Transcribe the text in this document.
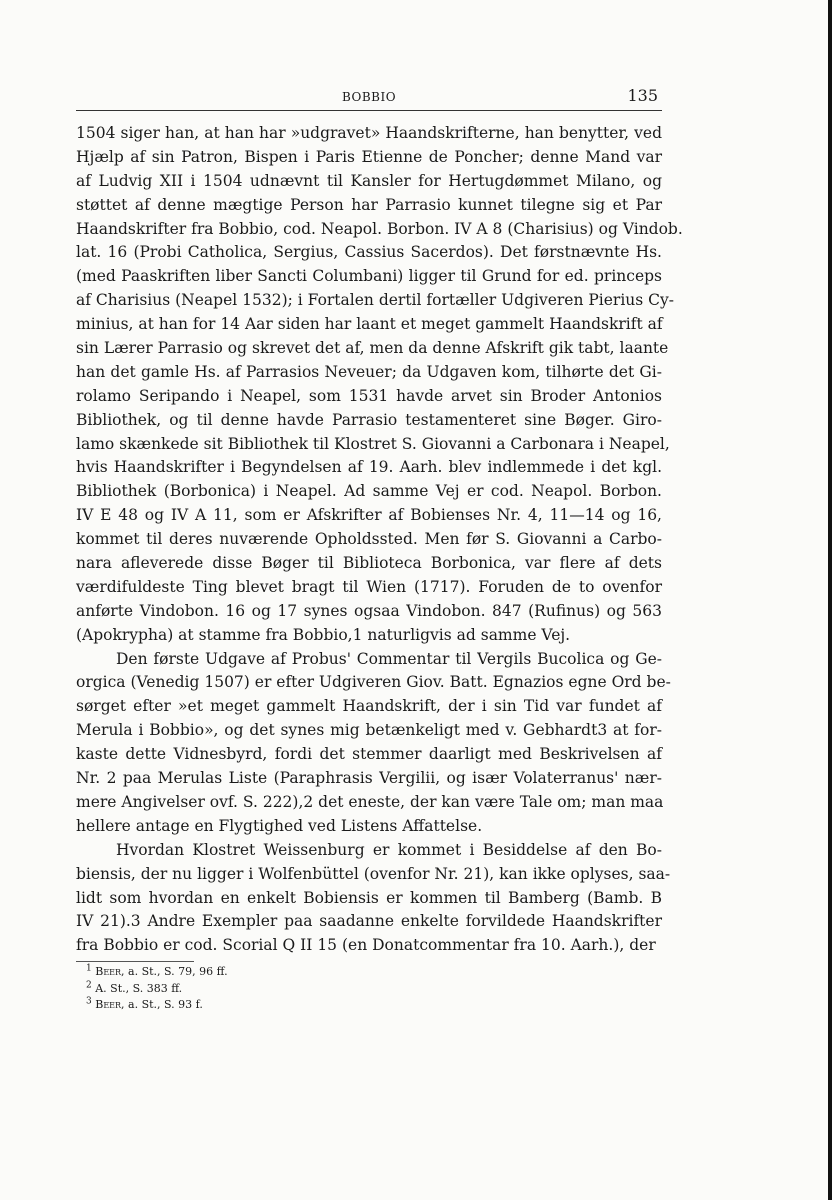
BOBBIO	135
1504 siger han, at han har »udgravet» Haandskrifterne, han benytter, ved
Hjælp af sin Patron, Bispen i Paris Etienne de Poncher; denne Mand var
af Ludvig XII i 1504 udnævnt til Kansler for Hertugdømmet Milano, og
støttet af denne mægtige Person har Parrasio kunnet tilegne sig et Par
Haandskrifter fra Bobbio, cod. Neapol. Borbon. IV A 8 (Charisius) og Vindob.
lat. 16 (Probi Catholica, Sergius, Cassius Sacerdos). Det førstnævnte Hs.
(med Paaskriften liber Sancti Columbani) ligger til Grund for ed. princeps
af Charisius (Neapel 1532); i Fortalen dertil fortæller Udgiveren Pierius Cy-
minius, at han for 14 Aar siden har laant et meget gammelt Haandskrift af
sin Lærer Parrasio og skrevet det af, men da denne Afskrift gik tabt, laante
han det gamle Hs. af Parrasios Neveuer; da Udgaven kom, tilhørte det Gi-
rolamo Seripando i Neapel, som 1531 havde arvet sin Broder Antonios
Bibliothek, og til denne havde Parrasio testamenteret sine Bøger. Giro-
lamo skænkede sit Bibliothek til Klostret S. Giovanni a Carbonara i Neapel,
hvis Haandskrifter i Begyndelsen af 19. Aarh. blev indlemmede i det kgl.
Bibliothek (Borbonica) i Neapel. Ad samme Vej er cod. Neapol. Borbon.
IV E 48 og IV A 11, som er Afskrifter af Bobienses Nr. 4, 11—14 og 16,
kommet til deres nuværende Opholdssted. Men før S. Giovanni a Carbo-
nara afleverede disse Bøger til Biblioteca Borbonica, var flere af dets
værdifuldeste Ting blevet bragt til Wien (1717). Foruden de to ovenfor
anførte Vindobon. 16 og 17 synes ogsaa Vindobon. 847 (Rufinus) og 563
(Apokrypha) at stamme fra Bobbio,1 naturligvis ad samme Vej.
Den første Udgave af Probus' Commentar til Vergils Bucolica og Ge-
orgica (Venedig 1507) er efter Udgiveren Giov. Batt. Egnazios egne Ord be-
sørget efter »et meget gammelt Haandskrift, der i sin Tid var fundet af
Merula i Bobbio», og det synes mig betænkeligt med v. Gebhardt3 at for-
kaste dette Vidnesbyrd, fordi det stemmer daarligt med Beskrivelsen af
Nr. 2 paa Merulas Liste (Paraphrasis Vergilii, og især Volaterranus' nær-
mere Angivelser ovf. S. 222),2 det eneste, der kan være Tale om; man maa
hellere antage en Flygtighed ved Listens Affattelse.
Hvordan Klostret Weissenburg er kommet i Besiddelse af den Bo-
biensis, der nu ligger i Wolfenbüttel (ovenfor Nr. 21), kan ikke oplyses, saa-
lidt som hvordan en enkelt Bobiensis er kommen til Bamberg (Bamb. B
IV 21).3 Andre Exempler paa saadanne enkelte forvildede Haandskrifter
fra Bobbio er cod. Scorial Q II 15 (en Donatcommentar fra 10. Aarh.), der
$^1$ Beer, a. St., S. 79, 96 ff.
$^2$ A. St., S. 383 ff.
$^3$ Beer, a. St., S. 93 f.
